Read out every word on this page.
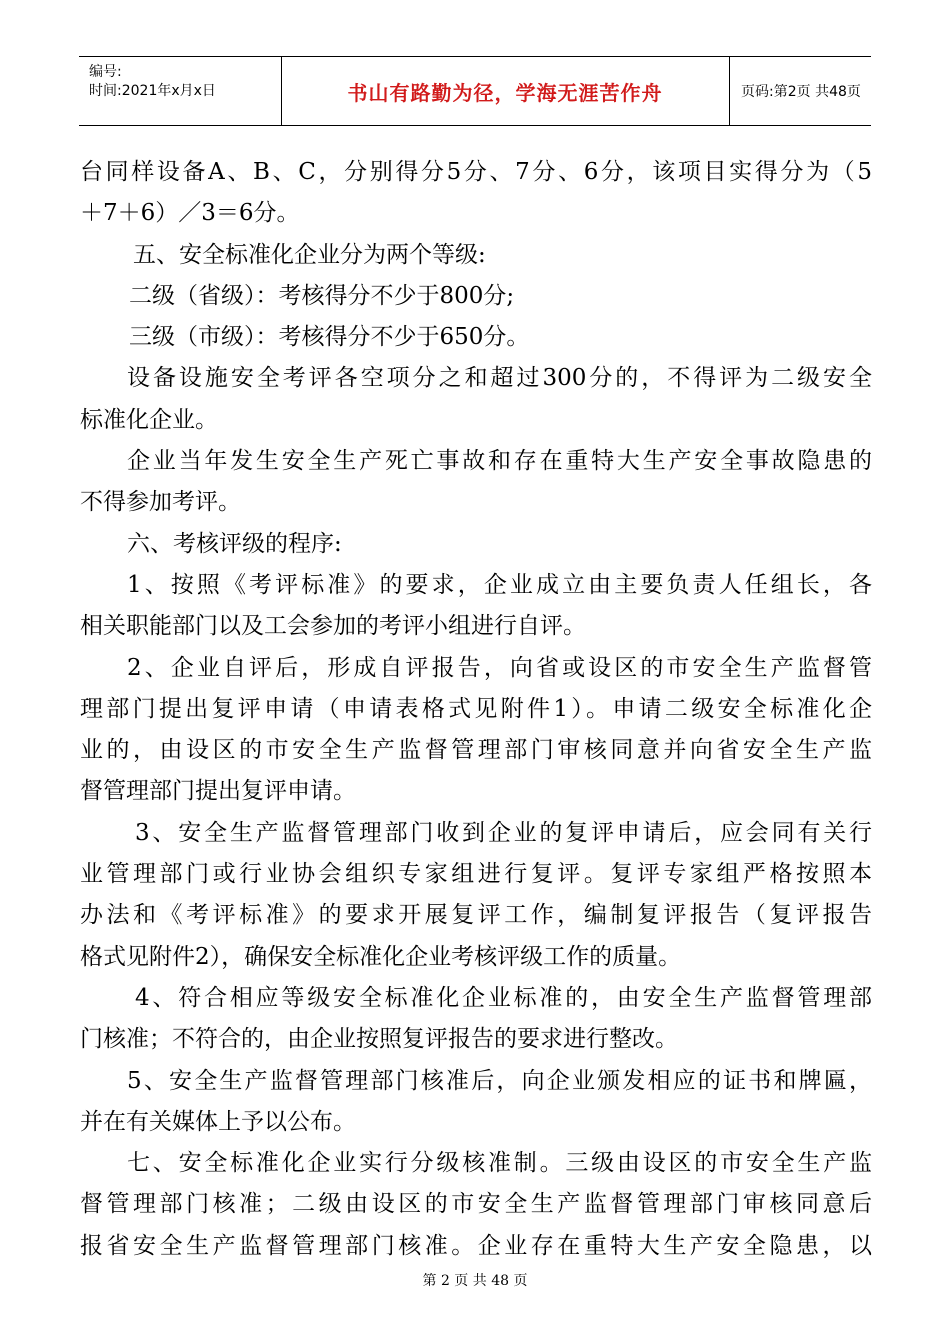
编号:
时间:2021年x月x日	书山有路勤为径，学海无涯苦作舟	页码:第2页 共48页
台同样设备A、B、C，分别得分5分、7分、6分，该项目实得分为（5
＋7＋6）／3＝6分。
五、安全标准化企业分为两个等级:
二级（省级）：考核得分不少于800分;
三级（市级）：考核得分不少于650分。
设备设施安全考评各空项分之和超过300分的，不得评为二级安全
标准化企业。
企业当年发生安全生产死亡事故和存在重特大生产安全事故隐患的
不得参加考评。
六、考核评级的程序:
1、按照《考评标准》的要求，企业成立由主要负责人任组长，各
相关职能部门以及工会参加的考评小组进行自评。
2、企业自评后，形成自评报告，向省或设区的市安全生产监督管
理部门提出复评申请（申请表格式见附件1）。申请二级安全标准化企
业的，由设区的市安全生产监督管理部门审核同意并向省安全生产监
督管理部门提出复评申请。
3、安全生产监督管理部门收到企业的复评申请后，应会同有关行
业管理部门或行业协会组织专家组进行复评。复评专家组严格按照本
办法和《考评标准》的要求开展复评工作，编制复评报告（复评报告
格式见附件2），确保安全标准化企业考核评级工作的质量。
4、符合相应等级安全标准化企业标准的，由安全生产监督管理部
门核准；不符合的，由企业按照复评报告的要求进行整改。
5、安全生产监督管理部门核准后，向企业颁发相应的证书和牌匾，
并在有关媒体上予以公布。
七、安全标准化企业实行分级核准制。三级由设区的市安全生产监
督管理部门核准；二级由设区的市安全生产监督管理部门审核同意后
报省安全生产监督管理部门核准。企业存在重特大生产安全隐患，以
第 2 页 共 48 页
